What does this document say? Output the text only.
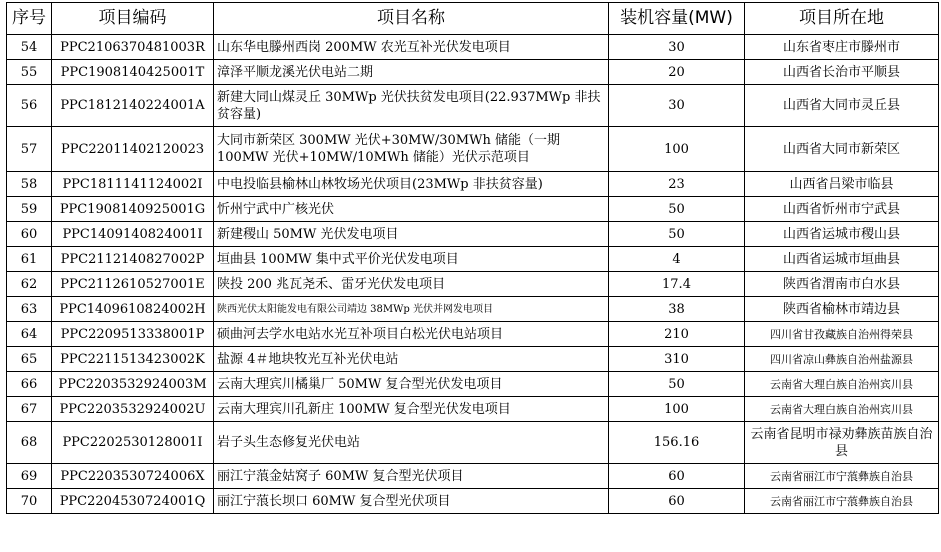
序号	项目编码	项目名称	装机容量(MW)	项目所在地
54	PPC2106370481003R	山东华电滕州西岗 200MW 农光互补光伏发电项目	30	山东省枣庄市滕州市
55	PPC1908140425001T	漳泽平顺龙溪光伏电站二期	20	山西省长治市平顺县
56	PPC1812140224001A	新建大同山煤灵丘 30MWp 光伏扶贫发电项目(22.937MWp 非扶贫容量)	30	山西省大同市灵丘县
57	PPC2201140212002З	大同市新荣区 300MW 光伏+30MW/30MWh 储能（一期 100MW 光伏+10MW/10MWh 储能）光伏示范项目	100	山西省大同市新荣区
58	PPC1811141124002I	中电投临县榆林山林牧场光伏项目(23MWp 非扶贫容量)	23	山西省吕梁市临县
59	PPC1908140925001G	忻州宁武中广核光伏	50	山西省忻州市宁武县
60	PPC1409140824001I	新建稷山 50MW 光伏发电项目	50	山西省运城市稷山县
61	PPC2112140827002P	垣曲县 100MW 集中式平价光伏发电项目	4	山西省运城市垣曲县
62	PPC2112610527001E	陕投 200 兆瓦尧禾、雷牙光伏发电项目	17.4	陕西省渭南市白水县
63	PPC1409610824002H	陕西光伏太阳能发电有限公司靖边 38MWp 光伏并网发电项目	38	陕西省榆林市靖边县
64	PPC2209513338001P	硕曲河去学水电站水光互补项目白松光伏电站项目	210	四川省甘孜藏族自治州得荣县
65	PPC2211513423002K	盐源 4＃地块牧光互补光伏电站	310	四川省凉山彝族自治州盐源县
66	PPC2203532924003M	云南大理宾川橘巢厂 50MW 复合型光伏发电项目	50	云南省大理白族自治州宾川县
67	PPC2203532924002U	云南大理宾川孔新庄 100MW 复合型光伏发电项目	100	云南省大理白族自治州宾川县
68	PPC2202530128001I	岩子头生态修复光伏电站	156.16	云南省昆明市禄劝彝族苗族自治县
69	PPC2203530724006X	丽江宁蒗金姑窝子 60MW 复合型光伏项目	60	云南省丽江市宁蒗彝族自治县
70	PPC2204530724001Q	丽江宁蒗长坝口 60MW 复合型光伏项目	60	云南省丽江市宁蒗彝族自治县
